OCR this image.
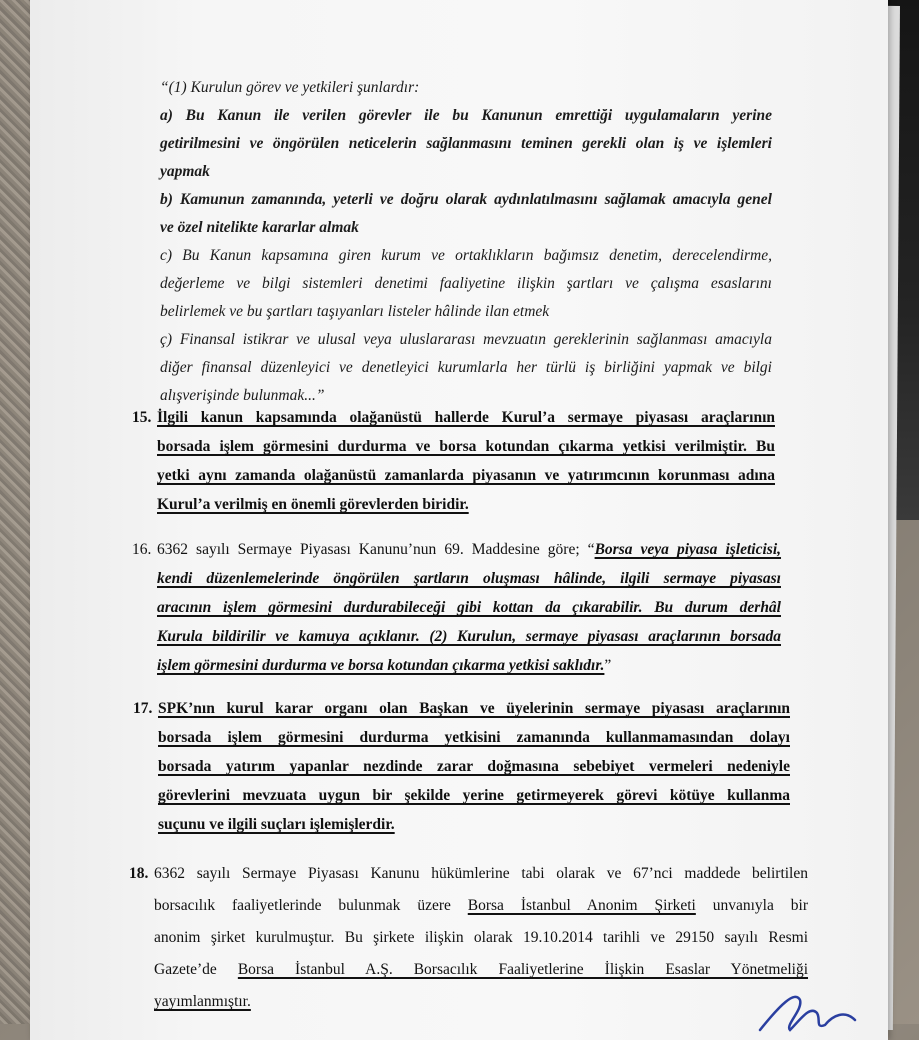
“(1) Kurulun görev ve yetkileri şunlardır:

a) Bu Kanun ile verilen görevler ile bu Kanunun emrettiği uygulamaların yerine
getirilmesini ve öngörülen neticelerin sağlanmasını teminen gerekli olan iş ve işlemleri
yapmak
b) Kamunun zamanında, yeterli ve doğru olarak aydınlatılmasını sağlamak amacıyla genel
ve özel nitelikte kararlar almak
c) Bu Kanun kapsamına giren kurum ve ortaklıkların bağımsız denetim, derecelendirme,
değerleme ve bilgi sistemleri denetimi faaliyetine ilişkin şartları ve çalışma esaslarını
belirlemek ve bu şartları taşıyanları listeler hâlinde ilan etmek
ç) Finansal istikrar ve ulusal veya uluslararası mevzuatın gereklerinin sağlanması amacıyla
diğer finansal düzenleyici ve denetleyici kurumlarla her türlü iş birliğini yapmak ve bilgi
alışverişinde bulunmak...”
15. İlgili kanun kapsamında olağanüstü hallerde Kurul’a sermaye piyasası araçlarının
borsada işlem görmesini durdurma ve borsa kotundan çıkarma yetkisi verilmiştir. Bu
yetki aynı zamanda olağanüstü zamanlarda piyasanın ve yatırımcının korunması adına
Kurul’a verilmiş en önemli görevlerden biridir.
16. 6362 sayılı Sermaye Piyasası Kanunu’nun 69. Maddesine göre; “Borsa veya piyasa işleticisi,
kendi düzenlemelerinde öngörülen şartların oluşması hâlinde, ilgili sermaye piyasası
aracının işlem görmesini durdurabileceği gibi kottan da çıkarabilir. Bu durum derhâl
Kurula bildirilir ve kamuya açıklanır. (2) Kurulun, sermaye piyasası araçlarının borsada
işlem görmesini durdurma ve borsa kotundan çıkarma yetkisi saklıdır.”
17. SPK’nın kurul karar organı olan Başkan ve üyelerinin sermaye piyasası araçlarının
borsada işlem görmesini durdurma yetkisini zamanında kullanmamasından dolayı
borsada yatırım yapanlar nezdinde zarar doğmasına sebebiyet vermeleri nedeniyle
görevlerini mevzuata uygun bir şekilde yerine getirmeyerek görevi kötüye kullanma
suçunu ve ilgili suçları işlemişlerdir.
18. 6362 sayılı Sermaye Piyasası Kanunu hükümlerine tabi olarak ve 67’nci maddede belirtilen
borsacılık faaliyetlerinde bulunmak üzere Borsa İstanbul Anonim Şirketi unvanıyla bir
anonim şirket kurulmuştur. Bu şirkete ilişkin olarak 19.10.2014 tarihli ve 29150 sayılı Resmi
Gazete’de Borsa İstanbul A.Ş. Borsacılık Faaliyetlerine İlişkin Esaslar Yönetmeliği
yayımlanmıştır.
